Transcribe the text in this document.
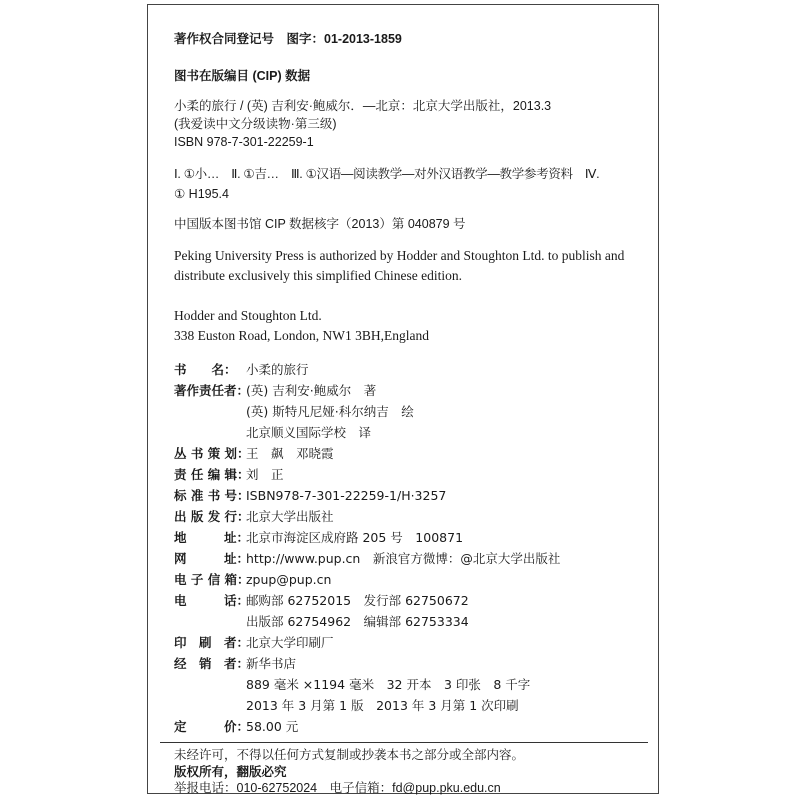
著作权合同登记号　图字：01-2013-1859
图书在版编目 (CIP) 数据
小柔的旅行 / (英) 吉利安·鲍威尔．—北京：北京大学出版社，2013.3
(我爱读中文分级读物·第三级)
ISBN 978-7-301-22259-1
Ⅰ. ①小…　Ⅱ. ①吉…　Ⅲ. ①汉语—阅读教学—对外汉语教学—教学参考资料　Ⅳ.
① H195.4
中国版本图书馆 CIP 数据核字（2013）第 040879 号
Peking University Press is authorized by Hodder and Stoughton Ltd. to publish and
distribute exclusively this simplified Chinese edition.
Hodder and Stoughton Ltd.
338 Euston Road, London, NW1 3BH,England
书　　名： 小柔的旅行
著作责任者：(英) 吉利安·鲍威尔　著
(英) 斯特凡尼娅·科尔纳吉　绘
北京顺义国际学校　译
丛 书 策 划：王　飙　邓晓霞
责 任 编 辑：刘　正
标 准 书 号：ISBN978-7-301-22259-1/H·3257
出 版 发 行：北京大学出版社
地　　　址：北京市海淀区成府路 205 号　100871
网　　　址：http://www.pup.cn　新浪官方微博：@北京大学出版社
电 子 信 箱：zpup@pup.cn
电　　　话：邮购部 62752015　发行部 62750672
出版部 62754962　编辑部 62753334
印　刷　者：北京大学印刷厂
经　销　者：新华书店
889 毫米 ×1194 毫米　32 开本　3 印张　8 千字
2013 年 3 月第 1 版　2013 年 3 月第 1 次印刷
定　　　价：58.00 元
未经许可，不得以任何方式复制或抄袭本书之部分或全部内容。
版权所有，翻版必究
举报电话：010-62752024　电子信箱：fd@pup.pku.edu.cn
